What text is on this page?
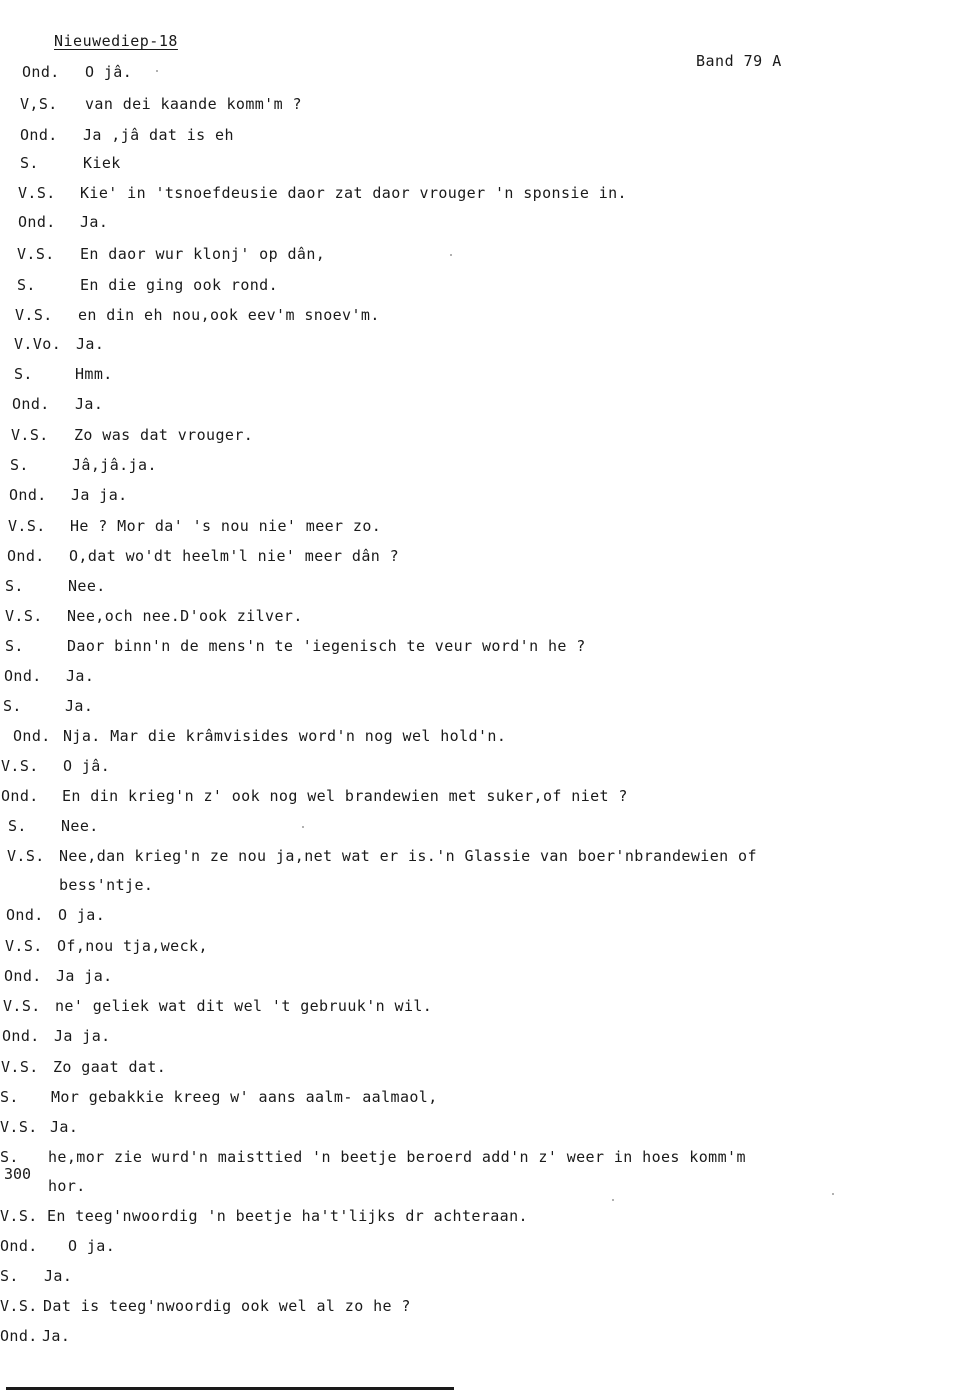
Nieuwediep-18
Band 79 A
Ond. O jâ.
V,S. van dei kaande komm'm ?
Ond. Ja ,jâ dat is eh
S.	Kiek
V.S. Kie' in 'tsnoefdeusie daor zat daor vrouger 'n sponsie in.
Ond. Ja.
V.S. En daor wur klonj' op dân,
S.	En die ging ook rond.
V.S. en din eh nou,ook eev'm snoev'm.
V.Vo. Ja.
S.	Hmm.
Ond. Ja.
V.S. Zo was dat vrouger.
S.	Jâ,jâ.ja.
Ond. Ja ja.
V.S. He ? Mor da' 's nou nie' meer zo.
Ond. O,dat wo'dt heelm'l nie' meer dân ?
S.	Nee.
V.S. Nee,och nee.D'ook zilver.
S.	Daor binn'n de mens'n te 'iegenisch te veur word'n he ?
Ond. Ja.
S.	Ja.
Ond. Nja. Mar die krâmvisides word'n nog wel hold'n.
V.S. O jâ.
Ond. En din krieg'n z' ook nog wel brandewien met suker,of niet ?
S. Nee.
V.S. Nee,dan krieg'n ze nou ja,net wat er is.'n Glassie van boer'nbrandewien of
bess'ntje.
Ond. O ja.
V.S. Of,nou tja,weck,
Ond. Ja ja.
V.S. ne' geliek wat dit wel 't gebruuk'n wil.
Ond. Ja ja.
V.S. Zo gaat dat.
S. Mor gebakkie kreeg w' aans aalm- aalmaol,
V.S. Ja.
S. he,mor zie wurd'n maisttied 'n beetje beroerd add'n z' weer in hoes komm'm
hor.
V.S. En teeg'nwoordig 'n beetje ha't'lijks dr achteraan.
Ond. O ja.
S. Ja.
V.S. Dat is teeg'nwoordig ook wel al zo he ?
Ond. Ja.
300
